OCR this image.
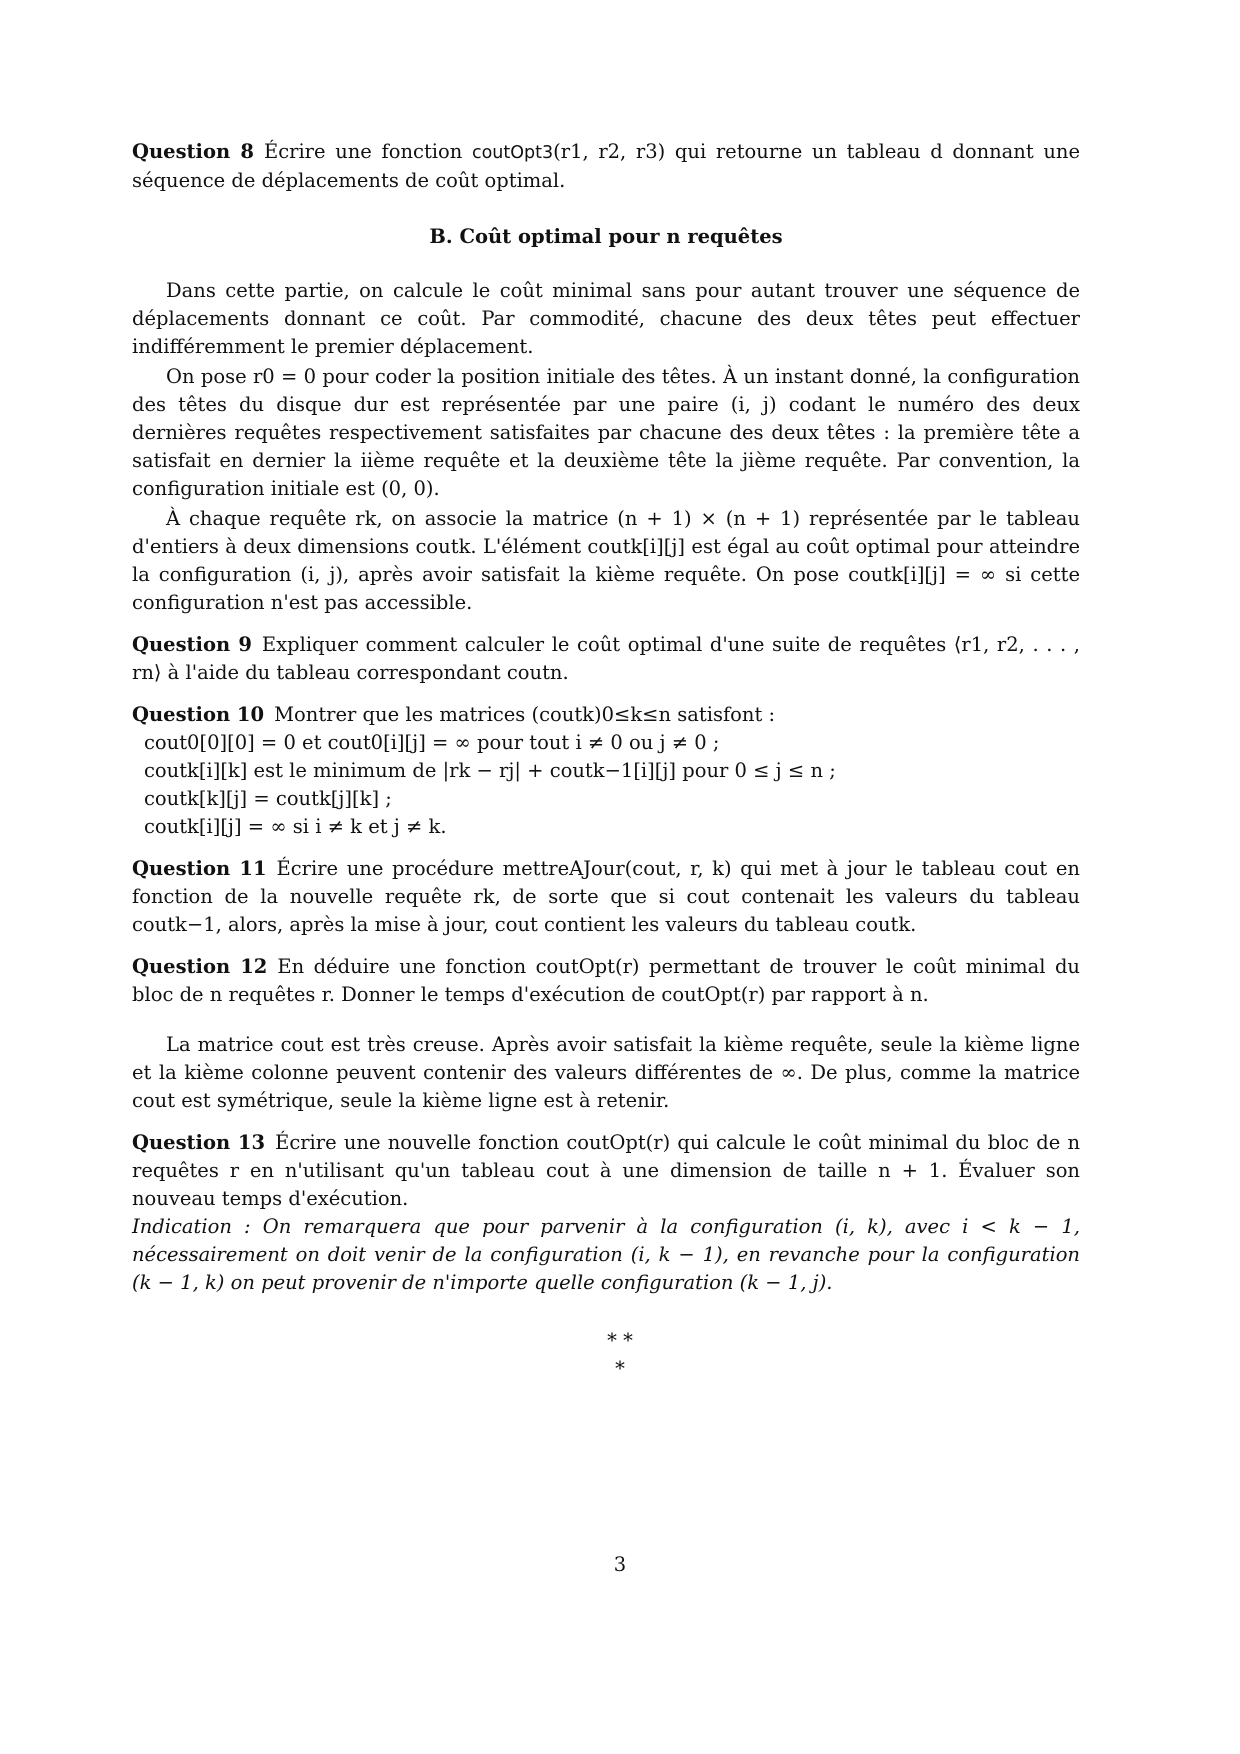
Question 8 Écrire une fonction coutOpt3(r1, r2, r3) qui retourne un tableau d donnant une séquence de déplacements de coût optimal.

B. Coût optimal pour n requêtes

Dans cette partie, on calcule le coût minimal sans pour autant trouver une séquence de déplacements donnant ce coût. Par commodité, chacune des deux têtes peut effectuer indifféremment le premier déplacement.

On pose r0 = 0 pour coder la position initiale des têtes. À un instant donné, la configuration des têtes du disque dur est représentée par une paire (i, j) codant le numéro des deux dernières requêtes respectivement satisfaites par chacune des deux têtes : la première tête a satisfait en dernier la iième requête et la deuxième tête la jième requête. Par convention, la configuration initiale est (0, 0).

À chaque requête rk, on associe la matrice (n + 1) × (n + 1) représentée par le tableau d'entiers à deux dimensions coutk. L'élément coutk[i][j] est égal au coût optimal pour atteindre la configuration (i, j), après avoir satisfait la kième requête. On pose coutk[i][j] = ∞ si cette configuration n'est pas accessible.

Question 9 Expliquer comment calculer le coût optimal d'une suite de requêtes ⟨r1, r2, . . . , rn⟩ à l'aide du tableau correspondant coutn.

Question 10 Montrer que les matrices (coutk)0≤k≤n satisfont :

cout0[0][0] = 0 et cout0[i][j] = ∞ pour tout i ≠ 0 ou j ≠ 0 ;

coutk[i][k] est le minimum de |rk − rj| + coutk−1[i][j] pour 0 ≤ j ≤ n ;

coutk[k][j] = coutk[j][k] ;

coutk[i][j] = ∞ si i ≠ k et j ≠ k.

Question 11 Écrire une procédure mettreAJour(cout, r, k) qui met à jour le tableau cout en fonction de la nouvelle requête rk, de sorte que si cout contenait les valeurs du tableau coutk−1, alors, après la mise à jour, cout contient les valeurs du tableau coutk.

Question 12 En déduire une fonction coutOpt(r) permettant de trouver le coût minimal du bloc de n requêtes r. Donner le temps d'exécution de coutOpt(r) par rapport à n.

La matrice cout est très creuse. Après avoir satisfait la kième requête, seule la kième ligne et la kième colonne peuvent contenir des valeurs différentes de ∞. De plus, comme la matrice cout est symétrique, seule la kième ligne est à retenir.

Question 13 Écrire une nouvelle fonction coutOpt(r) qui calcule le coût minimal du bloc de n requêtes r en n'utilisant qu'un tableau cout à une dimension de taille n + 1. Évaluer son nouveau temps d'exécution.

Indication : On remarquera que pour parvenir à la configuration (i, k), avec i < k − 1, nécessairement on doit venir de la configuration (i, k − 1), en revanche pour la configuration (k − 1, k) on peut provenir de n'importe quelle configuration (k − 1, j).

* *
*
3
